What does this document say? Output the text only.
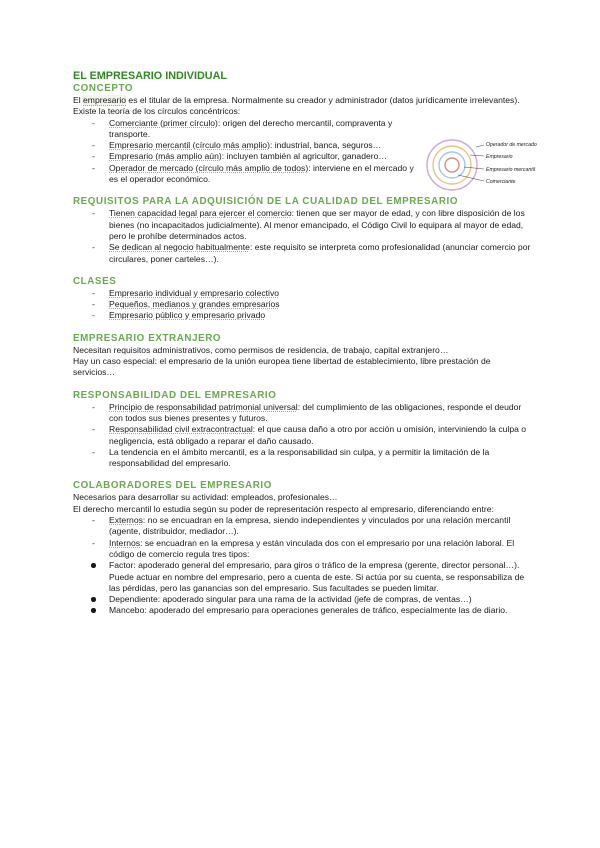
Operador de mercado
Empresario
Empresario mercantil
Comerciante
EL EMPRESARIO INDIVIDUAL
CONCEPTO

El empresario es el titular de la empresa. Normalmente su creador y administrador (datos jurídicamente irrelevantes).

Existe la teoría de los círculos concéntricos:

- Comerciante (primer círculo): origen del derecho mercantil, compraventa y transporte.
- Empresario mercantil (círculo más amplio): industrial, banca, seguros…
- Empresario (más amplio aún): incluyen también al agricultor, ganadero…
- Operador de mercado (círculo más amplio de todos): interviene en el mercado y es el operador económico.
REQUISITOS PARA LA ADQUISICIÓN DE LA CUALIDAD DEL EMPRESARIO
- Tienen capacidad legal para ejercer el comercio: tienen que ser mayor de edad, y con libre disposición de los bienes (no incapacitados judicialmente). Al menor emancipado, el Código Civil lo equipara al mayor de edad, pero le prohíbe determinados actos.
- Se dedican al negocio habitualmente: este requisito se interpreta como profesionalidad (anunciar comercio por circulares, poner carteles…).
CLASES
- Empresario individual y empresario colectivo
- Pequeños, medianos y grandes empresarios
- Empresario público y empresario privado
EMPRESARIO EXTRANJERO

Necesitan requisitos administrativos, como permisos de residencia, de trabajo, capital extranjero…

Hay un caso especial: el empresario de la unión europea tiene libertad de establecimiento, libre prestación de servicios…

RESPONSABILIDAD DEL EMPRESARIO
- Principio de responsabilidad patrimonial universal: del cumplimiento de las obligaciones, responde el deudor con todos sus bienes presentes y futuros.
- Responsabilidad civil extracontractual: el que causa daño a otro por acción u omisión, interviniendo la culpa o negligencia, está obligado a reparar el daño causado.
- La tendencia en el ámbito mercantil, es a la responsabilidad sin culpa, y a permitir la limitación de la responsabilidad del empresario.
COLABORADORES DEL EMPRESARIO

Necesarios para desarrollar su actividad: empleados, profesionales…

El derecho mercantil lo estudia según su poder de representación respecto al empresario, diferenciando entre:

- Externos: no se encuadran en la empresa, siendo independientes y vinculados por una relación mercantil (agente, distribuidor, mediador…).
- Internos: se encuadran en la empresa y están vinculada dos con el empresario por una relación laboral. El código de comercio regula tres tipos:
Factor: apoderado general del empresario, para giros o tráfico de la empresa (gerente, director personal…). Puede actuar en nombre del empresario, pero a cuenta de este. Si actúa por su cuenta, se responsabiliza de las pérdidas, pero las ganancias son del empresario. Sus facultades se pueden limitar.
Dependiente: apoderado singular para una rama de la actividad (jefe de compras, de ventas…)
Mancebo: apoderado del empresario para operaciones generales de tráfico, especialmente las de diario.
